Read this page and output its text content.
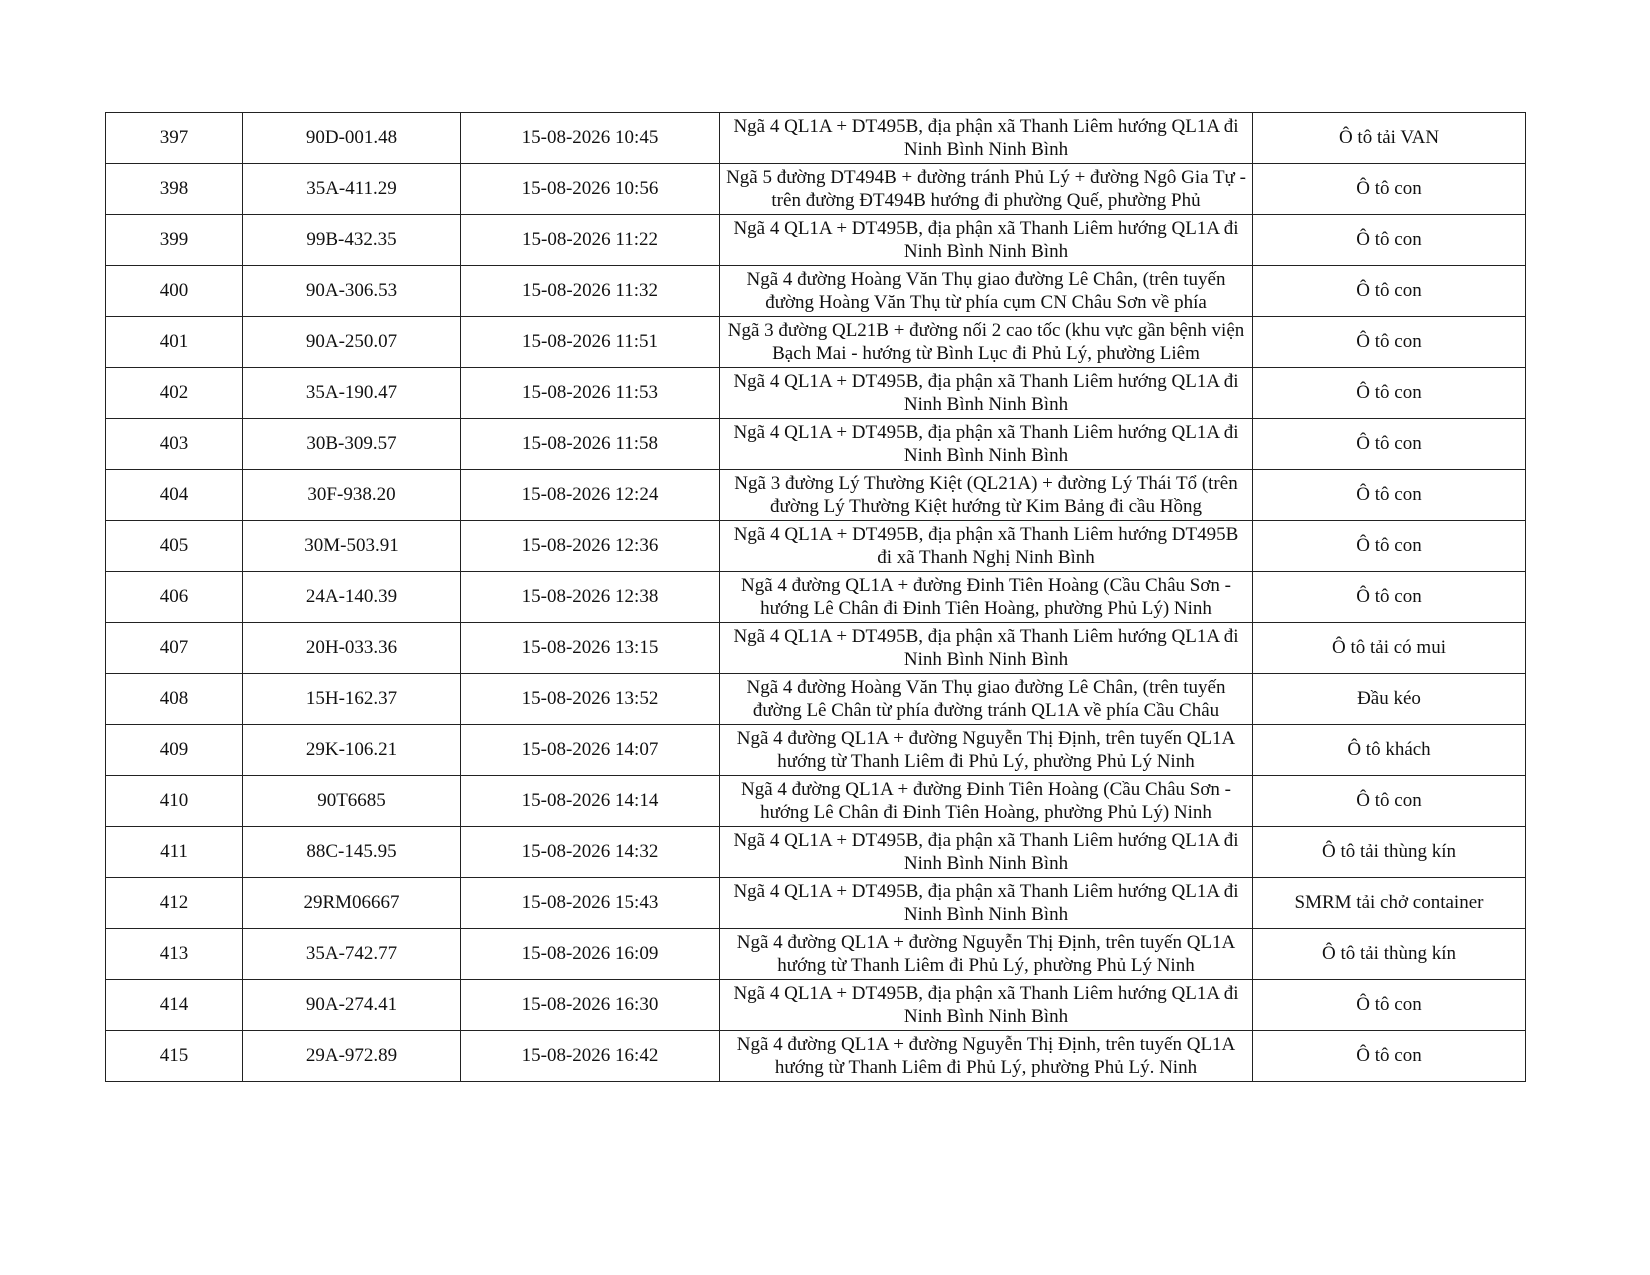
397	90D-001.48	15-08-2026 10:45	Ngã 4 QL1A + DT495B, địa phận xã Thanh Liêm hướng QL1A đi Ninh Bình Ninh Bình	Ô tô tải VAN
398	35A-411.29	15-08-2026 10:56	Ngã 5 đường DT494B + đường tránh Phủ Lý + đường Ngô Gia Tự - trên đường ĐT494B hướng đi phường Quế, phường Phủ	Ô tô con
399	99B-432.35	15-08-2026 11:22	Ngã 4 QL1A + DT495B, địa phận xã Thanh Liêm hướng QL1A đi Ninh Bình Ninh Bình	Ô tô con
400	90A-306.53	15-08-2026 11:32	Ngã 4 đường Hoàng Văn Thụ giao đường Lê Chân, (trên tuyến đường Hoàng Văn Thụ từ phía cụm CN Châu Sơn về phía	Ô tô con
401	90A-250.07	15-08-2026 11:51	Ngã 3 đường QL21B + đường nối 2 cao tốc (khu vực gần bệnh viện Bạch Mai - hướng từ Bình Lục đi Phủ Lý, phường Liêm	Ô tô con
402	35A-190.47	15-08-2026 11:53	Ngã 4 QL1A + DT495B, địa phận xã Thanh Liêm hướng QL1A đi Ninh Bình Ninh Bình	Ô tô con
403	30B-309.57	15-08-2026 11:58	Ngã 4 QL1A + DT495B, địa phận xã Thanh Liêm hướng QL1A đi Ninh Bình Ninh Bình	Ô tô con
404	30F-938.20	15-08-2026 12:24	Ngã 3 đường Lý Thường Kiệt (QL21A) + đường Lý Thái Tổ (trên đường Lý Thường Kiệt hướng từ Kim Bảng đi cầu Hồng	Ô tô con
405	30M-503.91	15-08-2026 12:36	Ngã 4 QL1A + DT495B, địa phận xã Thanh Liêm hướng DT495B đi xã Thanh Nghị Ninh Bình	Ô tô con
406	24A-140.39	15-08-2026 12:38	Ngã 4 đường QL1A + đường Đinh Tiên Hoàng (Cầu Châu Sơn - hướng Lê Chân đi Đinh Tiên Hoàng, phường Phủ Lý) Ninh	Ô tô con
407	20H-033.36	15-08-2026 13:15	Ngã 4 QL1A + DT495B, địa phận xã Thanh Liêm hướng QL1A đi Ninh Bình Ninh Bình	Ô tô tải có mui
408	15H-162.37	15-08-2026 13:52	Ngã 4 đường Hoàng Văn Thụ giao đường Lê Chân, (trên tuyến đường Lê Chân từ phía đường tránh QL1A về phía Cầu Châu	Đầu kéo
409	29K-106.21	15-08-2026 14:07	Ngã 4 đường QL1A + đường Nguyễn Thị Định, trên tuyến QL1A hướng từ Thanh Liêm đi Phủ Lý, phường Phủ Lý Ninh	Ô tô khách
410	90T6685	15-08-2026 14:14	Ngã 4 đường QL1A + đường Đinh Tiên Hoàng (Cầu Châu Sơn - hướng Lê Chân đi Đinh Tiên Hoàng, phường Phủ Lý) Ninh	Ô tô con
411	88C-145.95	15-08-2026 14:32	Ngã 4 QL1A + DT495B, địa phận xã Thanh Liêm hướng QL1A đi Ninh Bình Ninh Bình	Ô tô tải thùng kín
412	29RM06667	15-08-2026 15:43	Ngã 4 QL1A + DT495B, địa phận xã Thanh Liêm hướng QL1A đi Ninh Bình Ninh Bình	SMRM tải chở container
413	35A-742.77	15-08-2026 16:09	Ngã 4 đường QL1A + đường Nguyễn Thị Định, trên tuyến QL1A hướng từ Thanh Liêm đi Phủ Lý, phường Phủ Lý Ninh	Ô tô tải thùng kín
414	90A-274.41	15-08-2026 16:30	Ngã 4 QL1A + DT495B, địa phận xã Thanh Liêm hướng QL1A đi Ninh Bình Ninh Bình	Ô tô con
415	29A-972.89	15-08-2026 16:42	Ngã 4 đường QL1A + đường Nguyễn Thị Định, trên tuyến QL1A hướng từ Thanh Liêm đi Phủ Lý, phường Phủ Lý. Ninh	Ô tô con
